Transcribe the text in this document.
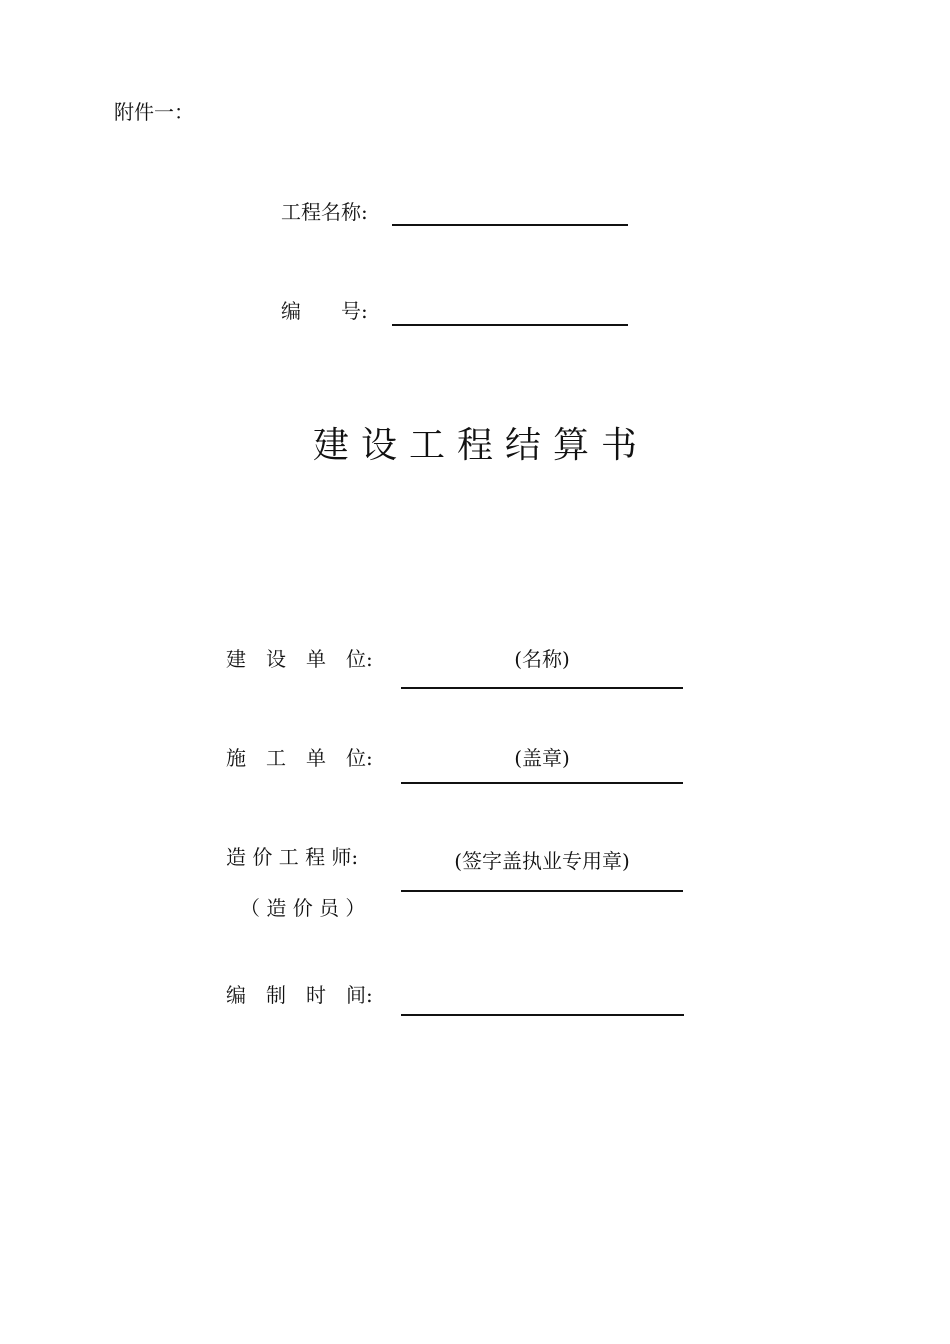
附件一：
工程名称:
编　　号:
建设工程结算书
建　设　单　位:	(名称)
施　工　单　位:	(盖章)
造 价 工 程 师:	(签字盖执业专用章)
（ 造 价 员 ）
编　制　时　间:
